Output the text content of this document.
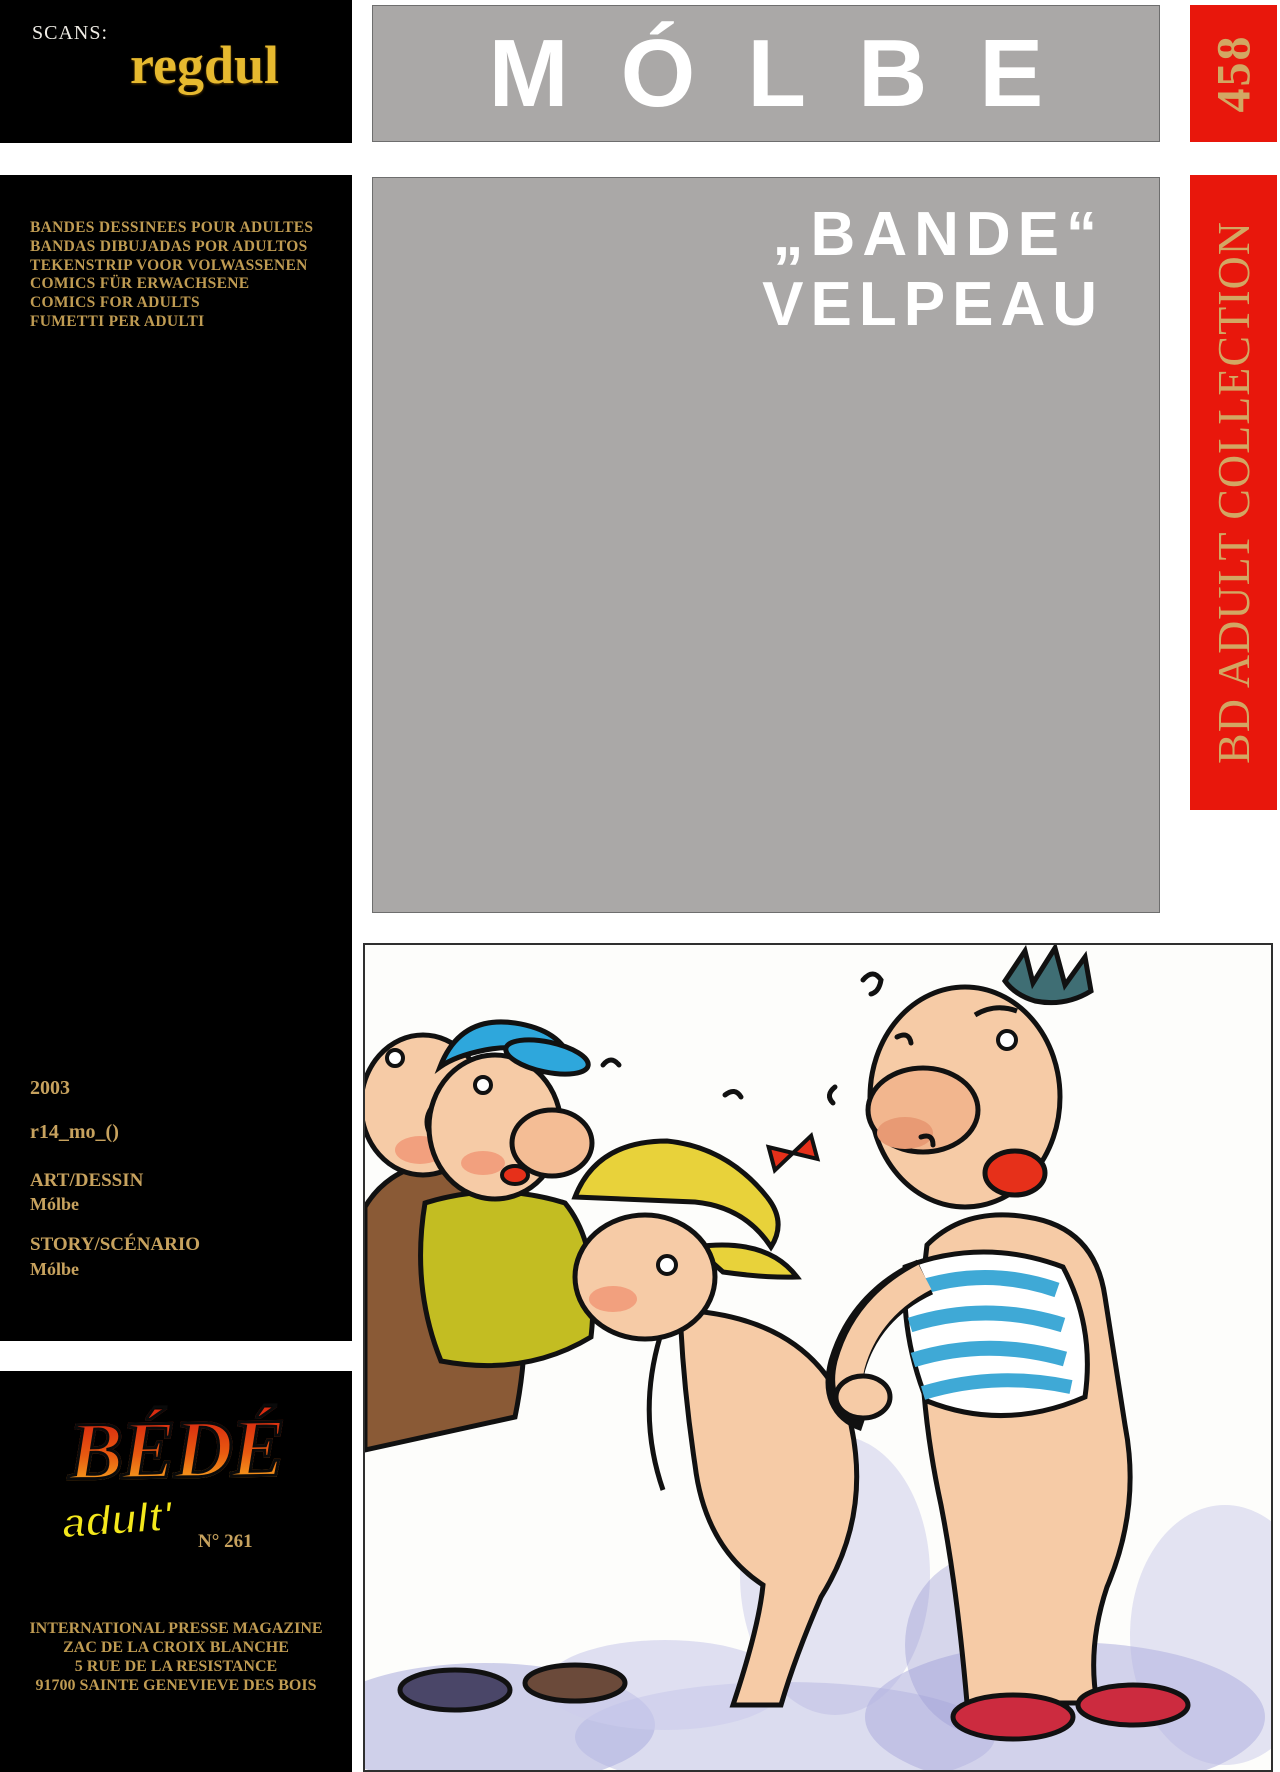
SCANS:
regdul	MÓLBE 458
BANDES DESSINEES POUR ADULTES
BANDAS DIBUJADAS POR ADULTOS
TEKENSTRIP VOOR VOLWASSENEN
COMICS FÜR ERWACHSENE
COMICS FOR ADULTS
FUMETTI PER ADULTI
2003
r14_mo_()
ART/DESSIN
Mólbe
STORY/SCÉNARIO
Mólbe
„BANDE“
VELPEAU BD ADULT COLLECTION
BÉDÉ
adult' N° 261
INTERNATIONAL PRESSE MAGAZINE
ZAC DE LA CROIX BLANCHE
5 RUE DE LA RESISTANCE
91700 SAINTE GENEVIEVE DES BOIS
